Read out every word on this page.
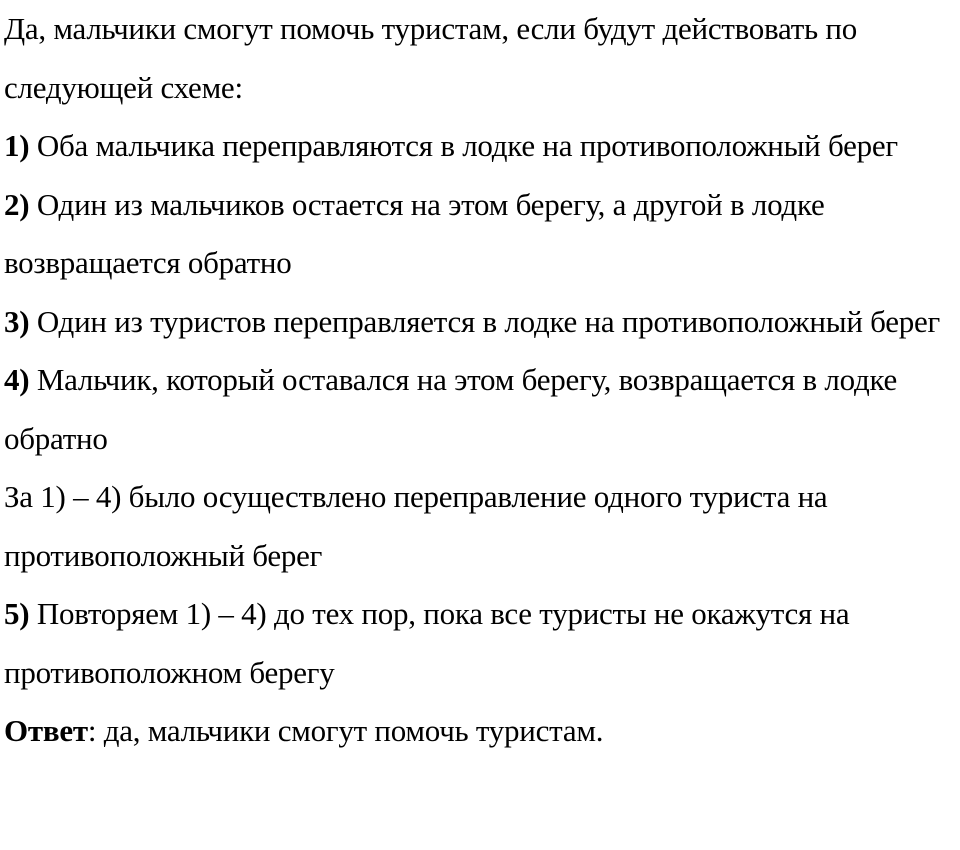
Да, мальчики смогут помочь туристам, если будут действовать по следующей схеме:

1) Оба мальчика переправляются в лодке на противоположный берег

2) Один из мальчиков остается на этом берегу, а другой в лодке возвращается обратно

3) Один из туристов переправляется в лодке на противоположный берег

4) Мальчик, который оставался на этом берегу, возвращается в лодке обратно

За 1) – 4) было осуществлено переправление одного туриста на противоположный берег

5) Повторяем 1) – 4) до тех пор, пока все туристы не окажутся на противоположном берегу

Ответ: да, мальчики смогут помочь туристам.
